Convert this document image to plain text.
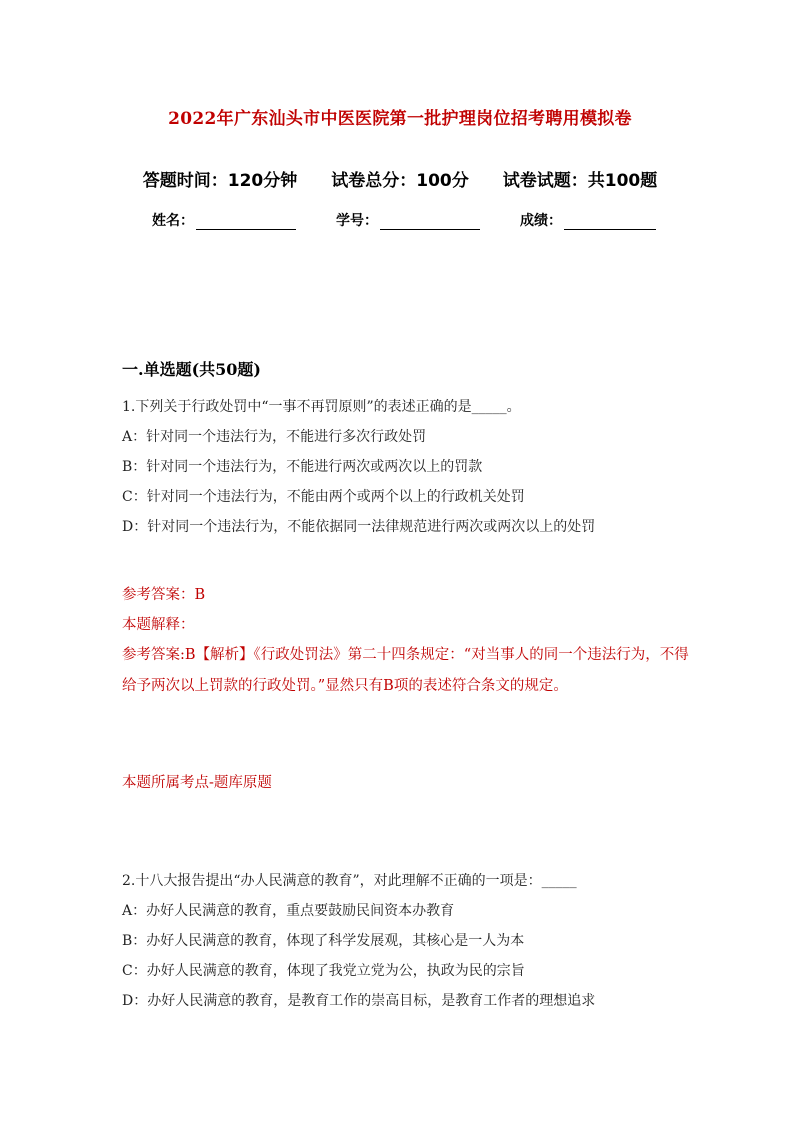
2022年广东汕头市中医医院第一批护理岗位招考聘用模拟卷
答题时间：120分钟 试卷总分：100分 试卷试题：共100题
姓名：	学号：	成绩：
一.单选题(共50题)
1.下列关于行政处罚中“一事不再罚原则”的表述正确的是_____。
A：针对同一个违法行为，不能进行多次行政处罚
B：针对同一个违法行为，不能进行两次或两次以上的罚款
C：针对同一个违法行为，不能由两个或两个以上的行政机关处罚
D：针对同一个违法行为，不能依据同一法律规范进行两次或两次以上的处罚
参考答案：B
本题解释：
参考答案:B【解析】《行政处罚法》第二十四条规定：“对当事人的同一个违法行为，不得给予两次以上罚款的行政处罚。”显然只有B项的表述符合条文的规定。
本题所属考点-题库原题
2.十八大报告提出“办人民满意的教育”，对此理解不正确的一项是：_____
A：办好人民满意的教育，重点要鼓励民间资本办教育
B：办好人民满意的教育，体现了科学发展观，其核心是一人为本
C：办好人民满意的教育，体现了我党立党为公，执政为民的宗旨
D：办好人民满意的教育，是教育工作的崇高目标，是教育工作者的理想追求
